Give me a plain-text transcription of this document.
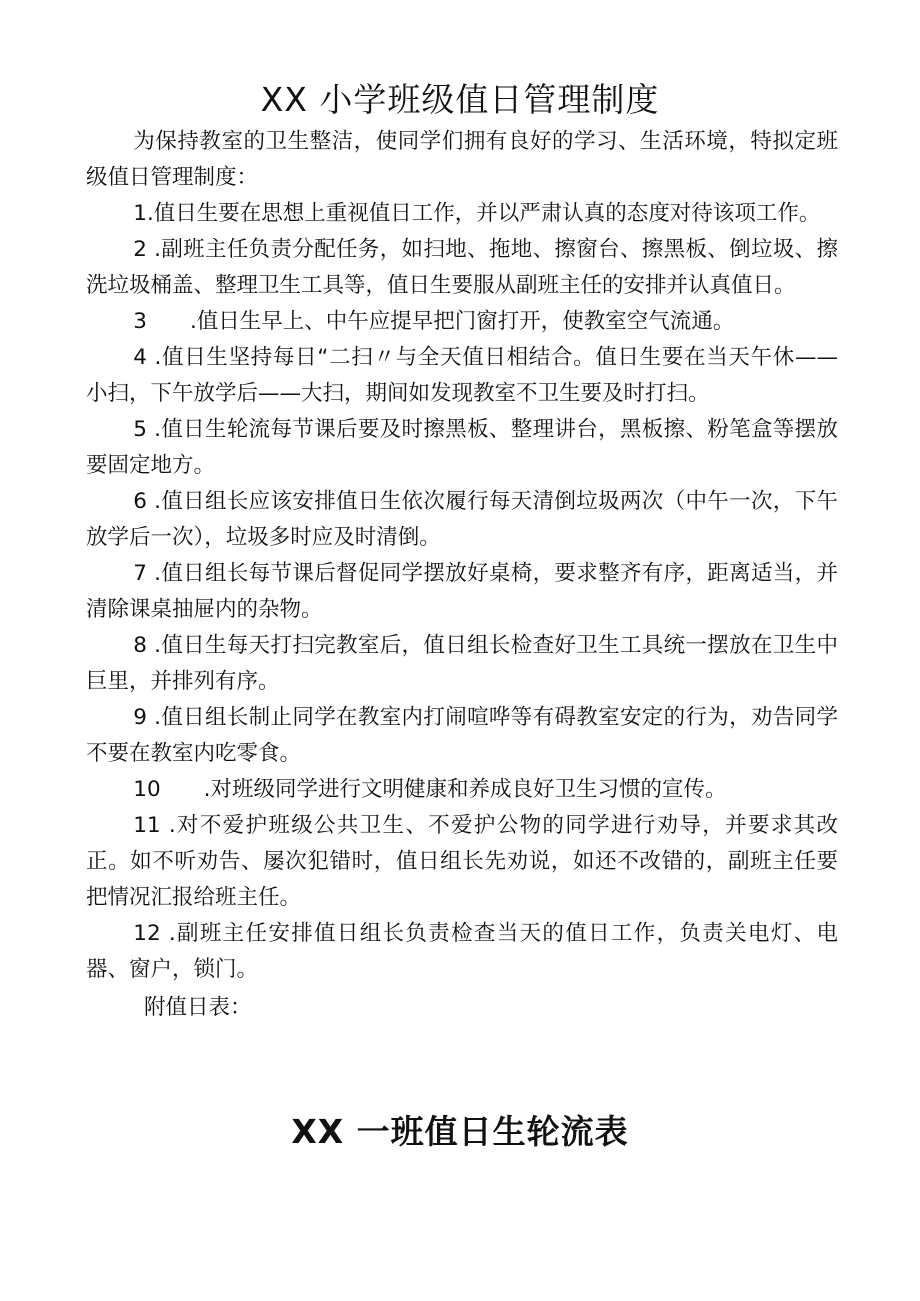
XX 小学班级值日管理制度

为保持教室的卫生整洁，使同学们拥有良好的学习、生活环境，特拟定班级值日管理制度：

1.值日生要在思想上重视值日工作，并以严肃认真的态度对待该项工作。

2 .副班主任负责分配任务，如扫地、拖地、擦窗台、擦黑板、倒垃圾、擦洗垃圾桶盖、整理卫生工具等，值日生要服从副班主任的安排并认真值日。

3  .值日生早上、中午应提早把门窗打开，使教室空气流通。

4 .值日生坚持每日“二扫〃与全天值日相结合。值日生要在当天午休——小扫，下午放学后——大扫，期间如发现教室不卫生要及时打扫。

5 .值日生轮流每节课后要及时擦黑板、整理讲台，黑板擦、粉笔盒等摆放要固定地方。

6 .值日组长应该安排值日生依次履行每天清倒垃圾两次（中午一次，下午放学后一次），垃圾多时应及时清倒。

7 .值日组长每节课后督促同学摆放好桌椅，要求整齐有序，距离适当，并清除课桌抽屉内的杂物。

8 .值日生每天打扫完教室后，值日组长检查好卫生工具统一摆放在卫生中巨里，并排列有序。

9 .值日组长制止同学在教室内打闹喧哗等有碍教室安定的行为，劝告同学不要在教室内吃零食。

10  .对班级同学进行文明健康和养成良好卫生习惯的宣传。

11 .对不爱护班级公共卫生、不爱护公物的同学进行劝导，并要求其改正。如不听劝告、屡次犯错时，值日组长先劝说，如还不改错的，副班主任要把情况汇报给班主任。

12 .副班主任安排值日组长负责检查当天的值日工作，负责关电灯、电器、窗户，锁门。

附值日表：

XX 一班值日生轮流表
